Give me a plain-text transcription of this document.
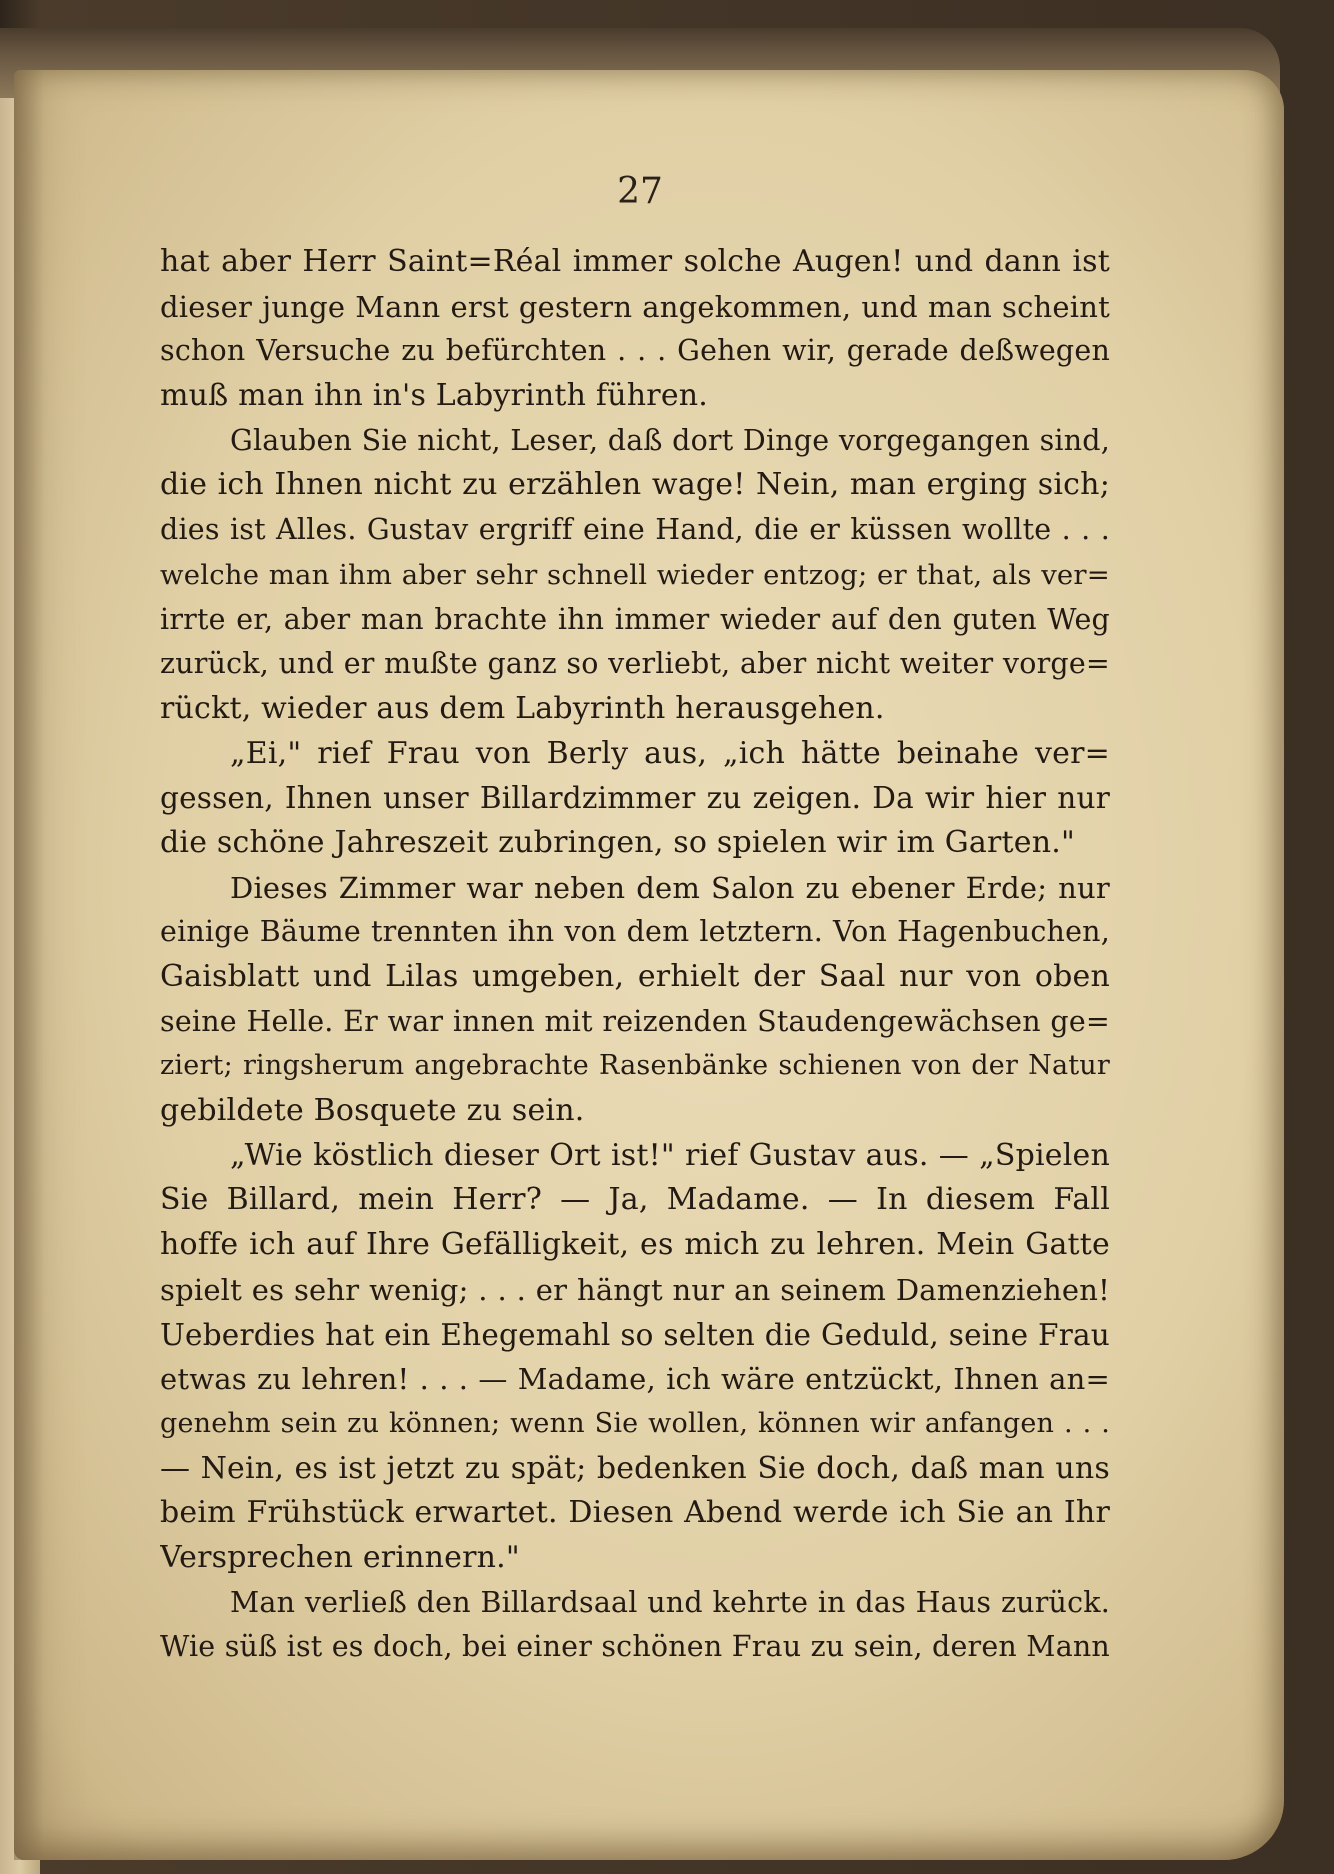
27
hat aber Herr Saint=Réal immer solche Augen! und dann ist
dieser junge Mann erst gestern angekommen, und man scheint
schon Versuche zu befürchten . . . Gehen wir, gerade deßwegen
muß man ihn in's Labyrinth führen.
Glauben Sie nicht, Leser, daß dort Dinge vorgegangen sind,
die ich Ihnen nicht zu erzählen wage! Nein, man erging sich;
dies ist Alles. Gustav ergriff eine Hand, die er küssen wollte . . .
welche man ihm aber sehr schnell wieder entzog; er that, als ver=
irrte er, aber man brachte ihn immer wieder auf den guten Weg
zurück, und er mußte ganz so verliebt, aber nicht weiter vorge=
rückt, wieder aus dem Labyrinth herausgehen.
„Ei," rief Frau von Berly aus, „ich hätte beinahe ver=
gessen, Ihnen unser Billardzimmer zu zeigen. Da wir hier nur
die schöne Jahreszeit zubringen, so spielen wir im Garten."
Dieses Zimmer war neben dem Salon zu ebener Erde; nur
einige Bäume trennten ihn von dem letztern. Von Hagenbuchen,
Gaisblatt und Lilas umgeben, erhielt der Saal nur von oben
seine Helle. Er war innen mit reizenden Staudengewächsen ge=
ziert; ringsherum angebrachte Rasenbänke schienen von der Natur
gebildete Bosquete zu sein.
„Wie köstlich dieser Ort ist!" rief Gustav aus. — „Spielen
Sie Billard, mein Herr? — Ja, Madame. — In diesem Fall
hoffe ich auf Ihre Gefälligkeit, es mich zu lehren. Mein Gatte
spielt es sehr wenig; . . . er hängt nur an seinem Damenziehen!
Ueberdies hat ein Ehegemahl so selten die Geduld, seine Frau
etwas zu lehren! . . . — Madame, ich wäre entzückt, Ihnen an=
genehm sein zu können; wenn Sie wollen, können wir anfangen . . .
— Nein, es ist jetzt zu spät; bedenken Sie doch, daß man uns
beim Frühstück erwartet. Diesen Abend werde ich Sie an Ihr
Versprechen erinnern."
Man verließ den Billardsaal und kehrte in das Haus zurück.
Wie süß ist es doch, bei einer schönen Frau zu sein, deren Mann
